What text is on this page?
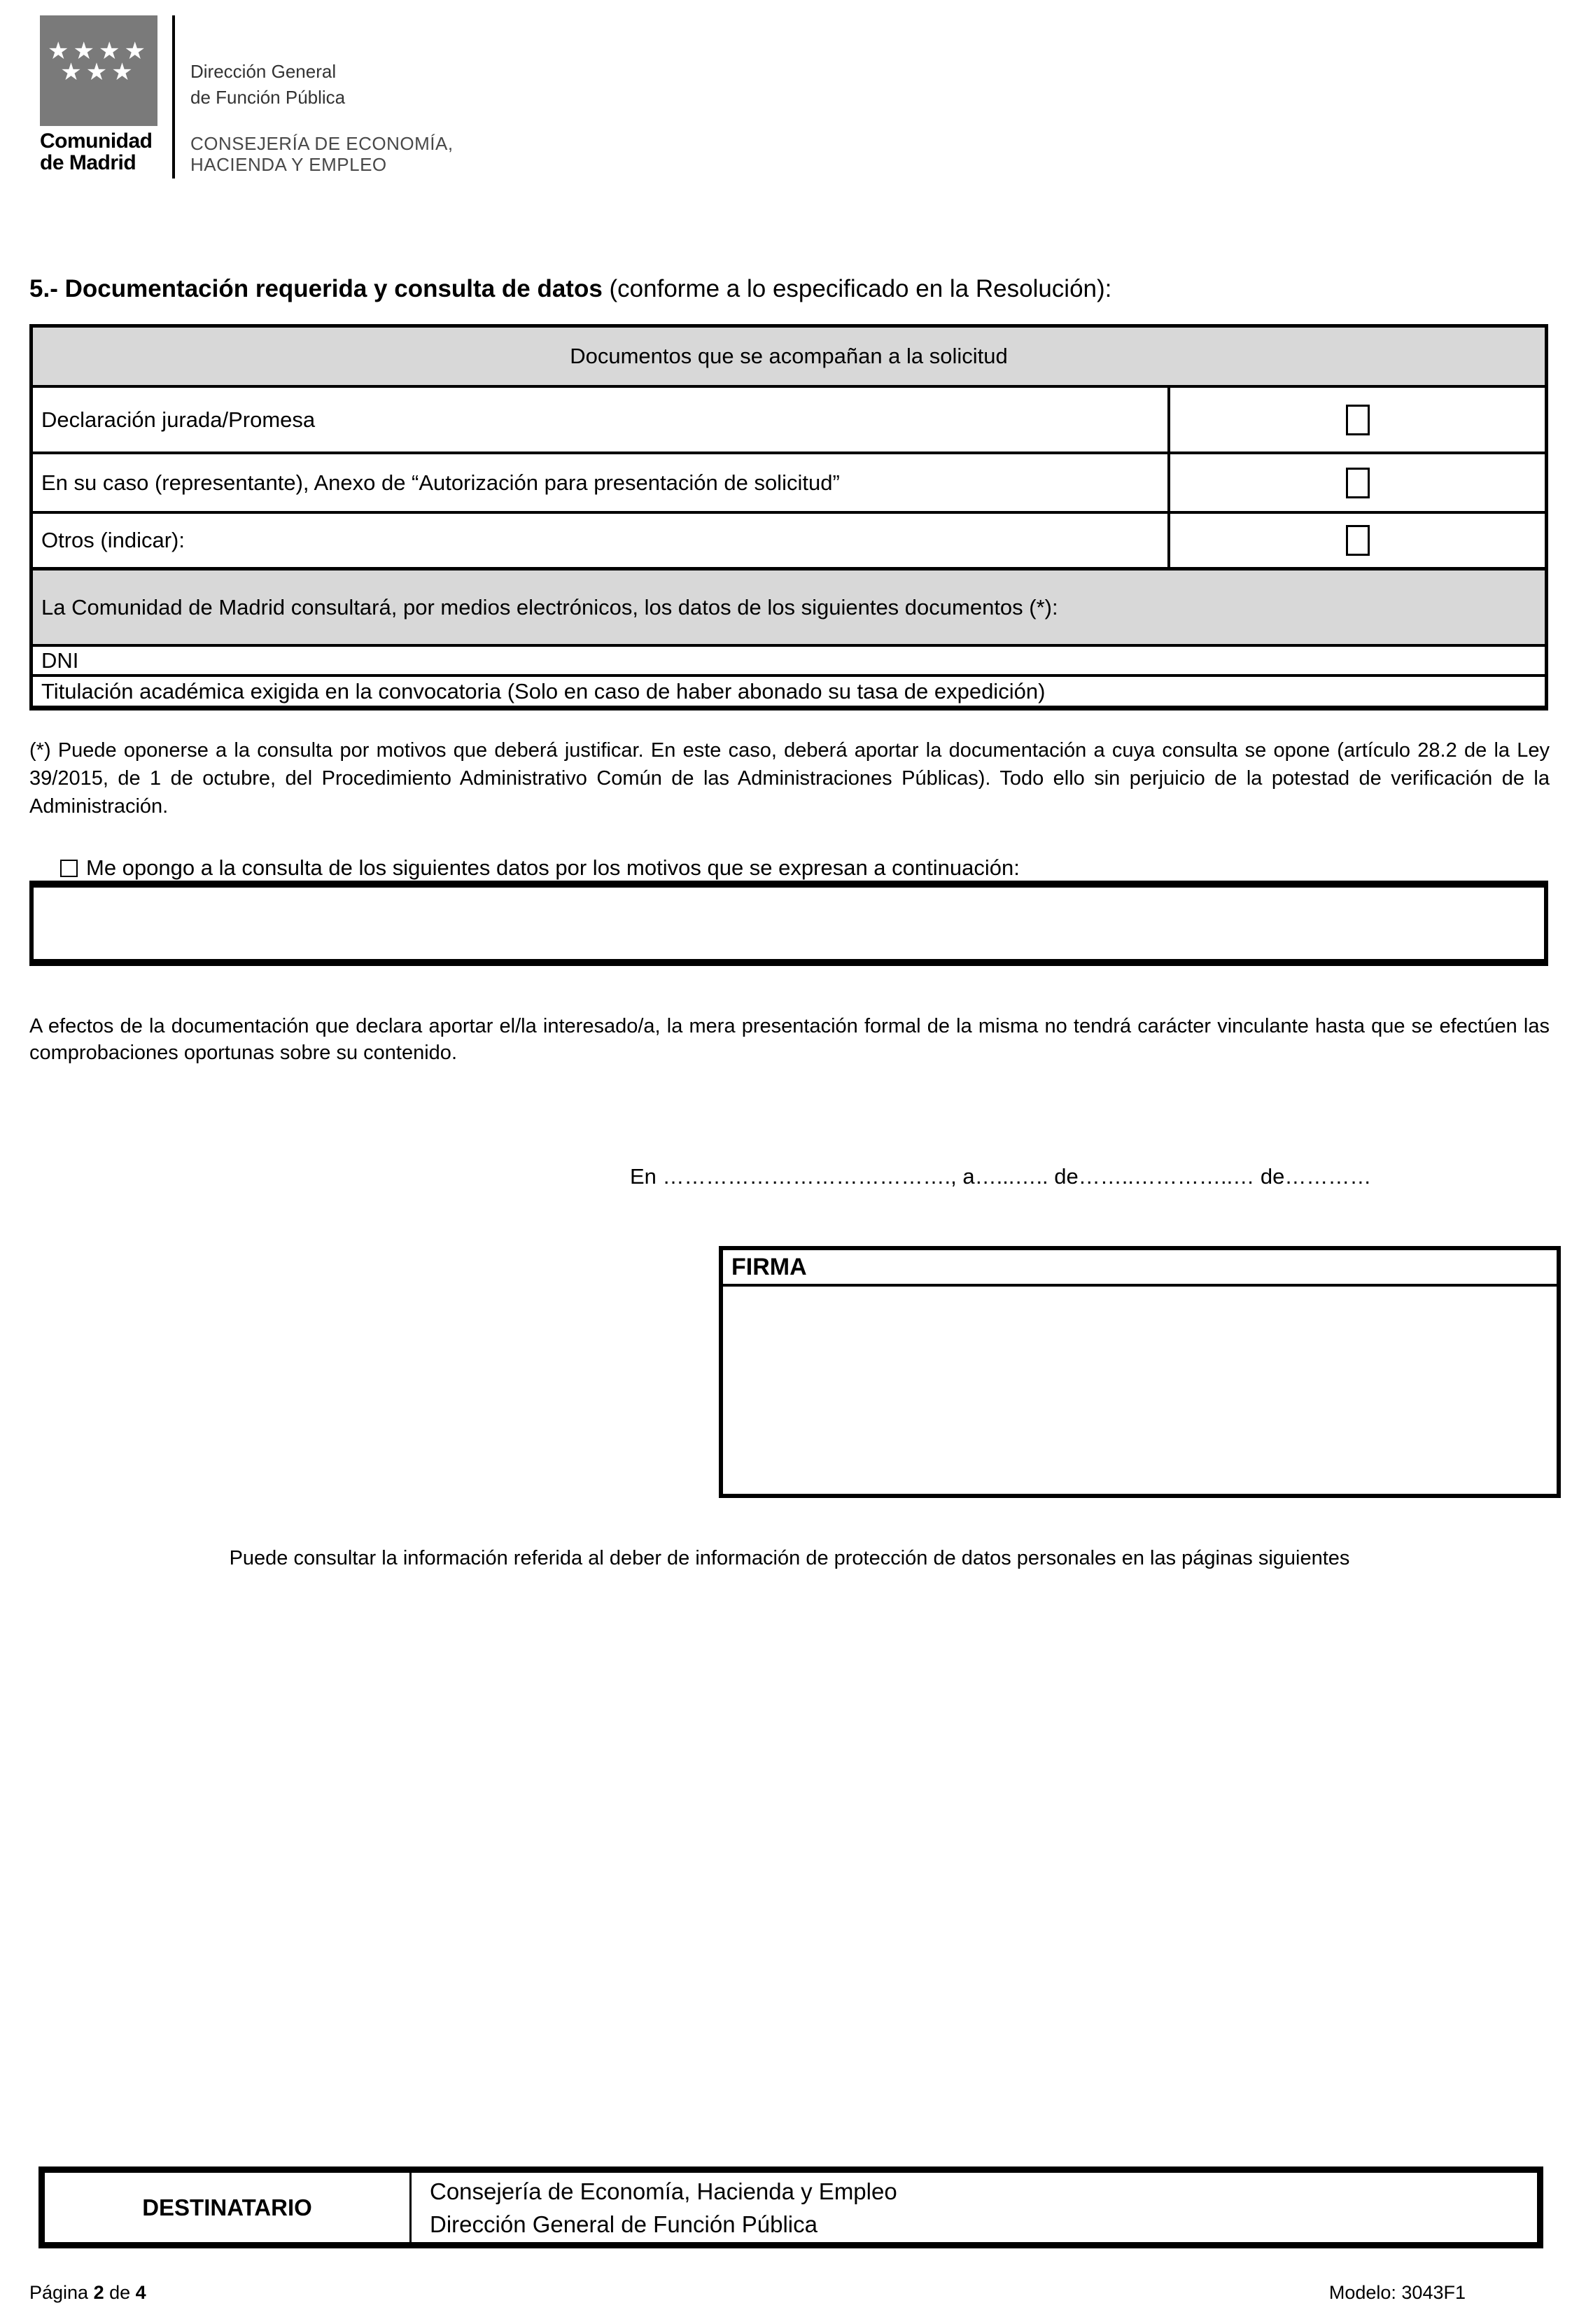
★★★★
★★★
Comunidad
de Madrid
Dirección General
de Función Pública
CONSEJERÍA DE ECONOMÍA,
HACIENDA Y EMPLEO
5.- Documentación requerida y consulta de datos (conforme a lo especificado en la Resolución):
Documentos que se acompañan a la solicitud
Declaración jurada/Promesa
En su caso (representante), Anexo de “Autorización para presentación de solicitud”
Otros (indicar):
La Comunidad de Madrid consultará, por medios electrónicos, los datos de los siguientes documentos (*):
DNI
Titulación académica exigida en la convocatoria (Solo en caso de haber abonado su tasa de expedición)
(*) Puede oponerse a la consulta por motivos que deberá justificar. En este caso, deberá aportar la documentación a cuya consulta se opone (artículo 28.2 de la Ley 39/2015, de 1 de octubre, del Procedimiento Administrativo Común de las Administraciones Públicas). Todo ello sin perjuicio de la potestad de verificación de la Administración.
Me opongo a la consulta de los siguientes datos por los motivos que se expresan a continuación:
A efectos de la documentación que declara aportar el/la interesado/a, la mera presentación formal de la misma no tendrá carácter vinculante hasta que se efectúen las comprobaciones oportunas sobre su contenido.
En …………………………………., a…...….. de……..…………..… de…………
FIRMA
Puede consultar la información referida al deber de información de protección de datos personales en las páginas siguientes
DESTINATARIO
Consejería de Economía, Hacienda y Empleo
Dirección General de Función Pública
Página 2 de 4	Modelo: 3043F1
